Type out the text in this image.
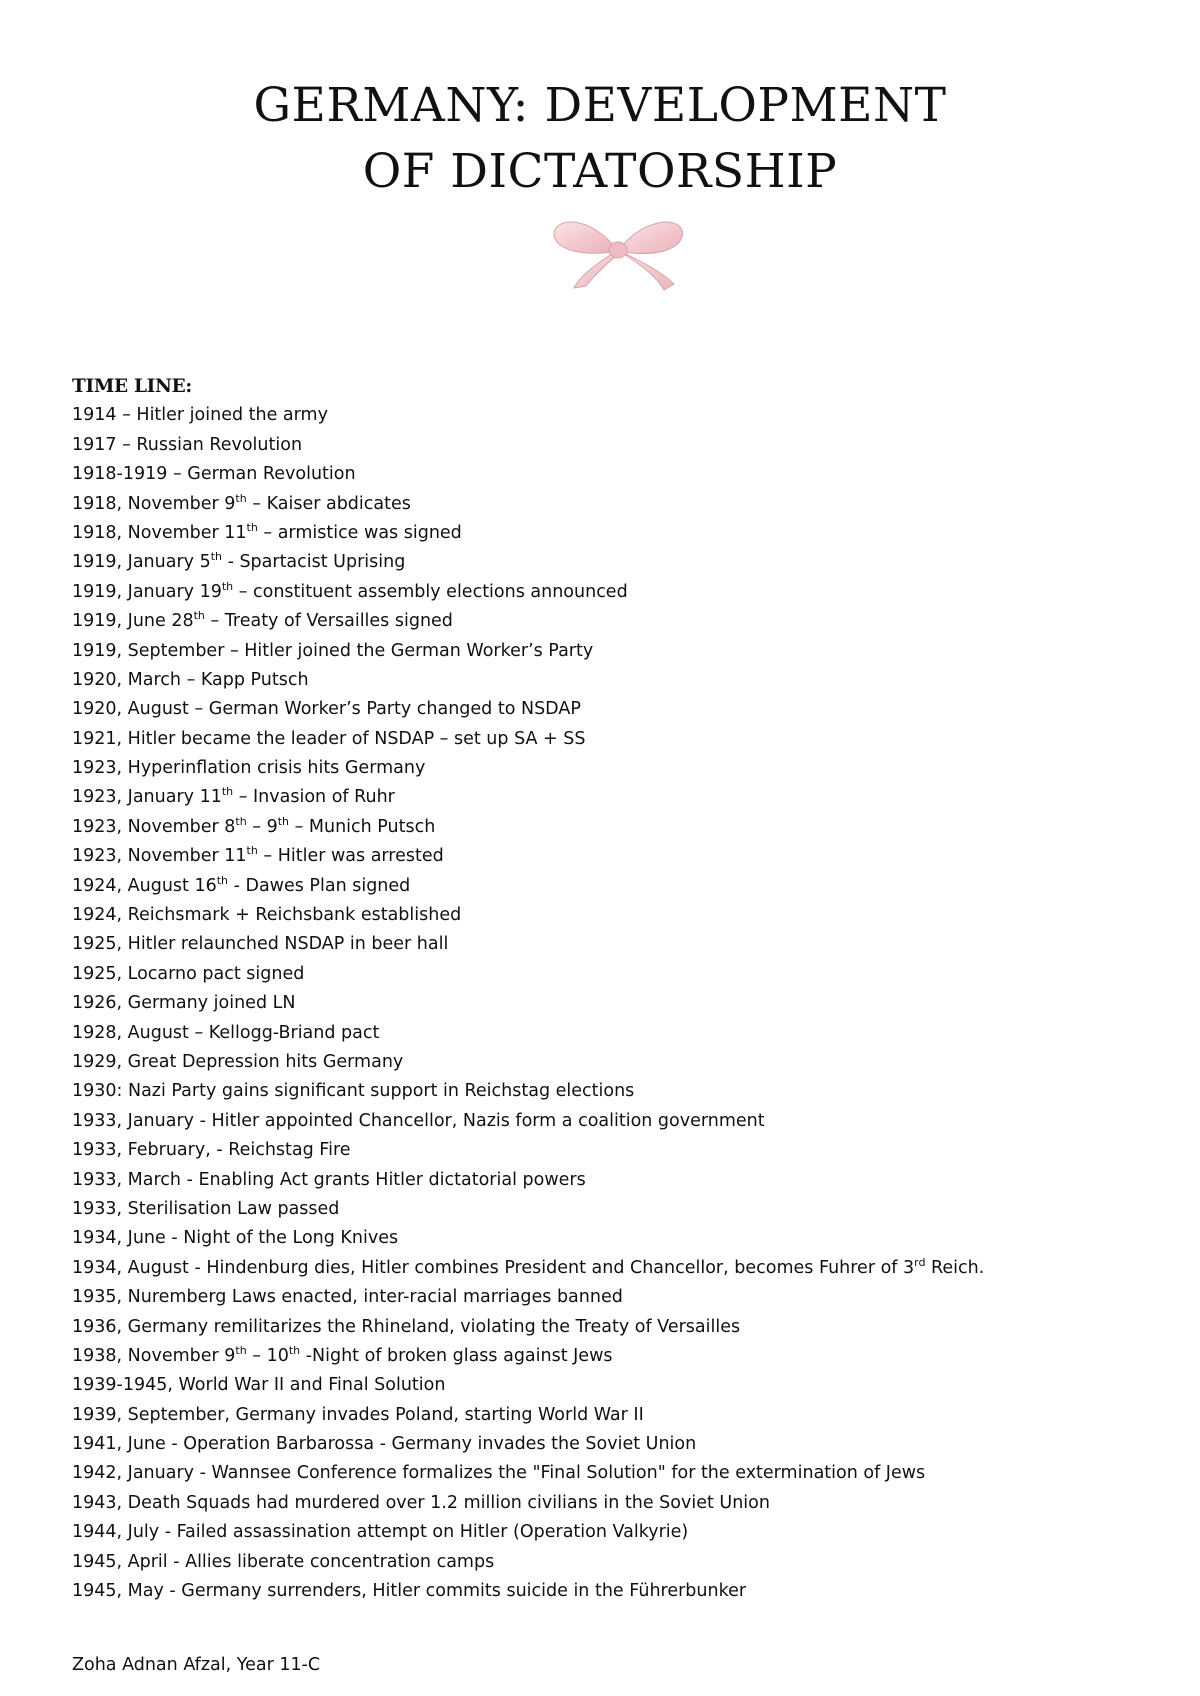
GERMANY: DEVELOPMENT
OF DICTATORSHIP
TIME LINE:
1914 – Hitler joined the army
1917 – Russian Revolution
1918-1919 – German Revolution
1918, November 9th – Kaiser abdicates
1918, November 11th – armistice was signed
1919, January 5th - Spartacist Uprising
1919, January 19th – constituent assembly elections announced
1919, June 28th – Treaty of Versailles signed
1919, September – Hitler joined the German Worker’s Party
1920, March – Kapp Putsch
1920, August – German Worker’s Party changed to NSDAP
1921, Hitler became the leader of NSDAP – set up SA + SS
1923, Hyperinflation crisis hits Germany
1923, January 11th – Invasion of Ruhr
1923, November 8th – 9th – Munich Putsch
1923, November 11th – Hitler was arrested
1924, August 16th - Dawes Plan signed
1924, Reichsmark + Reichsbank established
1925, Hitler relaunched NSDAP in beer hall
1925, Locarno pact signed
1926, Germany joined LN
1928, August – Kellogg-Briand pact
1929, Great Depression hits Germany
1930: Nazi Party gains significant support in Reichstag elections
1933, January - Hitler appointed Chancellor, Nazis form a coalition government
1933, February, - Reichstag Fire
1933, March - Enabling Act grants Hitler dictatorial powers
1933, Sterilisation Law passed
1934, June - Night of the Long Knives
1934, August - Hindenburg dies, Hitler combines President and Chancellor, becomes Fuhrer of 3rd Reich.
1935, Nuremberg Laws enacted, inter-racial marriages banned
1936, Germany remilitarizes the Rhineland, violating the Treaty of Versailles
1938, November 9th – 10th -Night of broken glass against Jews
1939-1945, World War II and Final Solution
1939, September, Germany invades Poland, starting World War II
1941, June - Operation Barbarossa - Germany invades the Soviet Union
1942, January - Wannsee Conference formalizes the "Final Solution" for the extermination of Jews
1943, Death Squads had murdered over 1.2 million civilians in the Soviet Union
1944, July - Failed assassination attempt on Hitler (Operation Valkyrie)
1945, April - Allies liberate concentration camps
1945, May - Germany surrenders, Hitler commits suicide in the Führerbunker
Zoha Adnan Afzal, Year 11-C
